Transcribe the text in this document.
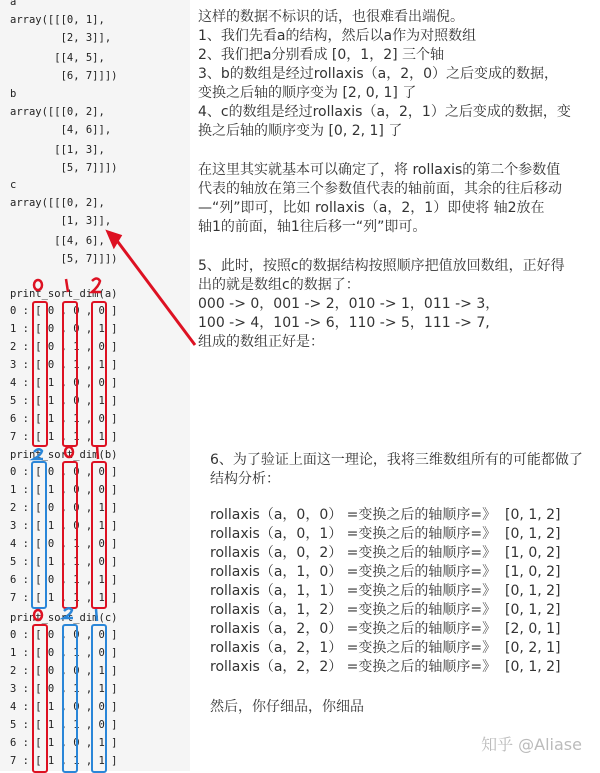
a
array([[[0, 1],
[2, 3]],
[[4, 5],
[6, 7]]])
b
array([[[0, 2],
[4, 6]],
[[1, 3],
[5, 7]]])
c
array([[[0, 2],
[1, 3]],
[[4, 6],
[5, 7]]])
print_sort_dim(a)
0 : [ 0 , 0 , 0 ]
1 : [ 0 , 0 , 1 ]
2 : [ 0 , 1 , 0 ]
3 : [ 0 , 1 , 1 ]
4 : [ 1 , 0 , 0 ]
5 : [ 1 , 0 , 1 ]
6 : [ 1 , 1 , 0 ]
7 : [ 1 , 1 , 1 ]
print_sort_dim(b)
0 : [ 0 , 0 , 0 ]
1 : [ 1 , 0 , 0 ]
2 : [ 0 , 0 , 1 ]
3 : [ 1 , 0 , 1 ]
4 : [ 0 , 1 , 0 ]
5 : [ 1 , 1 , 0 ]
6 : [ 0 , 1 , 1 ]
7 : [ 1 , 1 , 1 ]
print_sort_dim(c)
0 : [ 0 , 0 , 0 ]
1 : [ 0 , 1 , 0 ]
2 : [ 0 , 0 , 1 ]
3 : [ 0 , 1 , 1 ]
4 : [ 1 , 0 , 0 ]
5 : [ 1 , 1 , 0 ]
6 : [ 1 , 0 , 1 ]
7 : [ 1 , 1 , 1 ]
这样的数据不标识的话，也很难看出端倪。
1、我们先看a的结构，然后以a作为对照数组
2、我们把a分别看成 [0，1，2] 三个轴
3、b的数组是经过rollaxis（a，2，0）之后变成的数据，
变换之后轴的顺序变为 [2, 0, 1] 了
4、c的数组是经过rollaxis（a，2，1）之后变成的数据，变
换之后轴的顺序变为 [0, 2, 1] 了
在这里其实就基本可以确定了，将 rollaxis的第二个参数值
代表的轴放在第三个参数值代表的轴前面，其余的往后移动
—“列”即可，比如 rollaxis（a，2，1）即使将 轴2放在
轴1的前面，轴1往后移一“列”即可。
5、此时，按照c的数据结构按照顺序把值放回数组，正好得
出的就是数组c的数据了：
000 -> 0，001 -> 2，010 -> 1，011 -> 3，
100 -> 4，101 -> 6，110 -> 5，111 -> 7,
组成的数组正好是：
6、为了验证上面这一理论，我将三维数组所有的可能都做了
结构分析：
rollaxis（a，0，0） =变换之后的轴顺序=》  [0, 1, 2]
rollaxis（a，0，1） =变换之后的轴顺序=》  [0, 1, 2]
rollaxis（a，0，2） =变换之后的轴顺序=》  [1, 0, 2]
rollaxis（a，1，0） =变换之后的轴顺序=》  [1, 0, 2]
rollaxis（a，1，1） =变换之后的轴顺序=》  [0, 1, 2]
rollaxis（a，1，2） =变换之后的轴顺序=》  [0, 1, 2]
rollaxis（a，2，0） =变换之后的轴顺序=》  [2, 0, 1]
rollaxis（a，2，1） =变换之后的轴顺序=》  [0, 2, 1]
rollaxis（a，2，2） =变换之后的轴顺序=》  [0, 1, 2]
然后，你仔细品，你细品
知乎 @Aliase
